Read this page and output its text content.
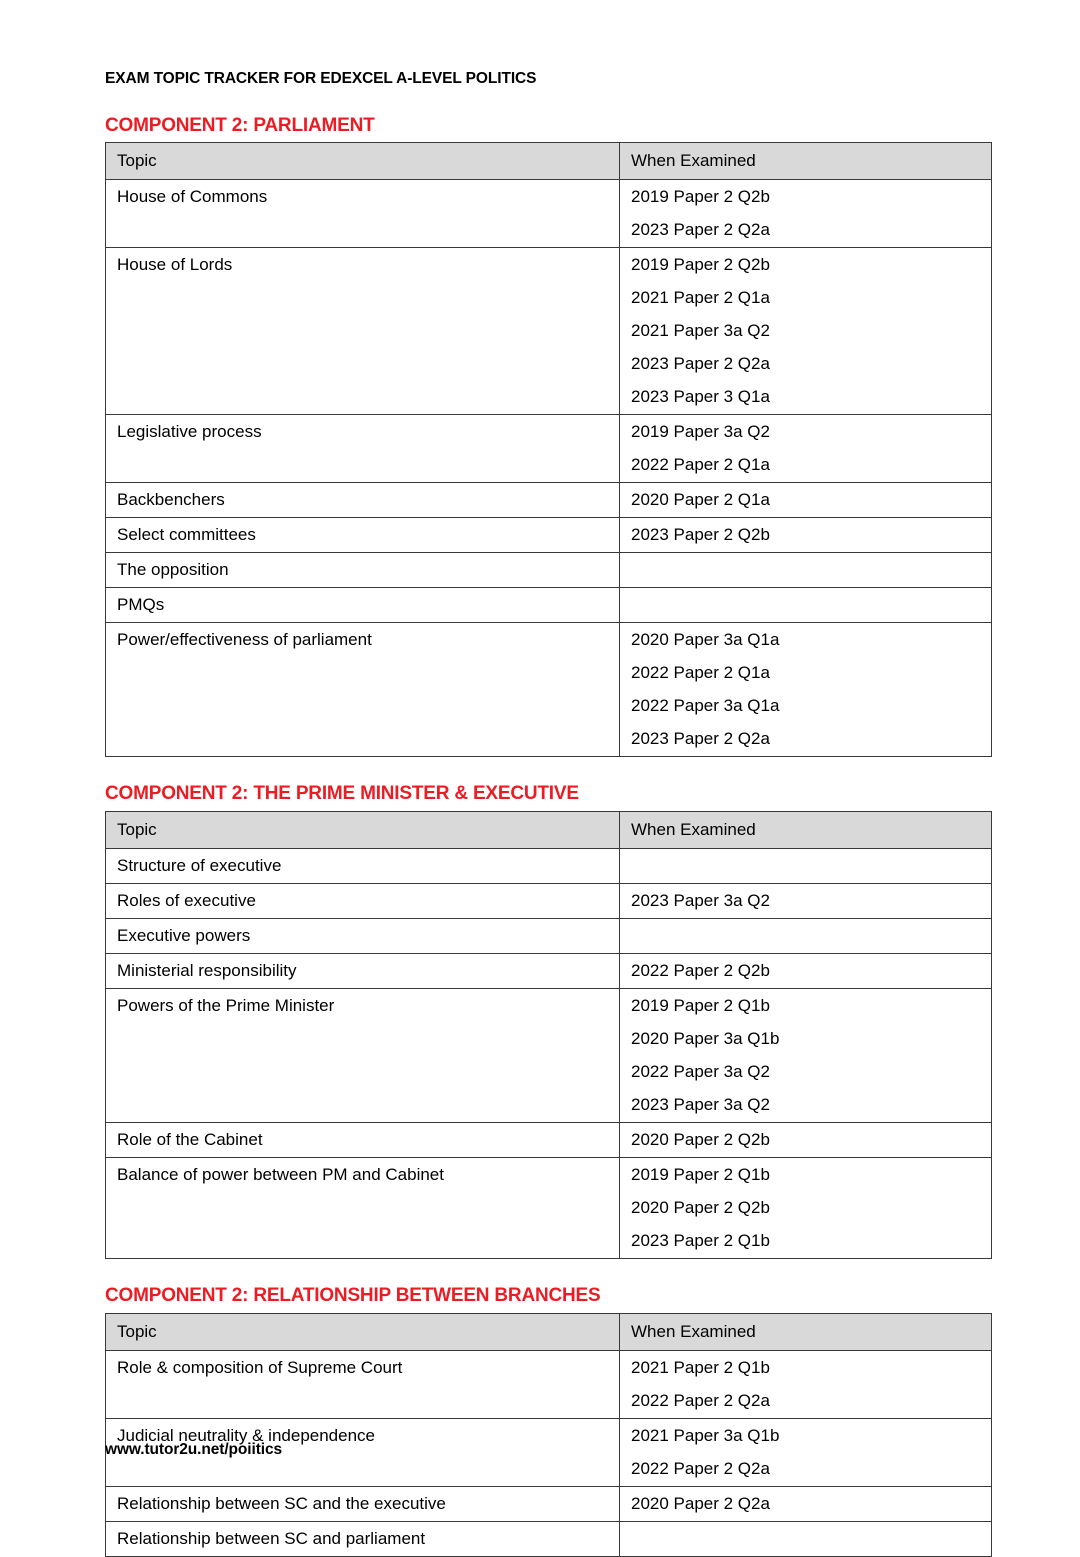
EXAM TOPIC TRACKER FOR EDEXCEL A-LEVEL POLITICS
COMPONENT 2: PARLIAMENT
Topic	When Examined
House of Commons	2019 Paper 2 Q2b
2023 Paper 2 Q2a

House of Lords	2019 Paper 2 Q2b
2021 Paper 2 Q1a
2021 Paper 3a Q2
2023 Paper 2 Q2a
2023 Paper 3 Q1a

Legislative process	2019 Paper 3a Q2
2022 Paper 2 Q1a

Backbenchers	2020 Paper 2 Q1a

Select committees	2023 Paper 2 Q2b

The opposition	
PMQs	
Power/effectiveness of parliament	2020 Paper 3a Q1a
2022 Paper 2 Q1a
2022 Paper 3a Q1a
2023 Paper 2 Q2a
COMPONENT 2: THE PRIME MINISTER & EXECUTIVE
Topic	When Examined
Structure of executive	
Roles of executive	2023 Paper 3a Q2

Executive powers	
Ministerial responsibility	2022 Paper 2 Q2b

Powers of the Prime Minister	2019 Paper 2 Q1b
2020 Paper 3a Q1b
2022 Paper 3a Q2
2023 Paper 3a Q2

Role of the Cabinet	2020 Paper 2 Q2b

Balance of power between PM and Cabinet	2019 Paper 2 Q1b
2020 Paper 2 Q2b
2023 Paper 2 Q1b
COMPONENT 2: RELATIONSHIP BETWEEN BRANCHES
Topic	When Examined
Role & composition of Supreme Court	2021 Paper 2 Q1b
2022 Paper 2 Q2a

Judicial neutrality & independence	2021 Paper 3a Q1b
2022 Paper 2 Q2a

Relationship between SC and the executive	2020 Paper 2 Q2a

Relationship between SC and parliament	
www.tutor2u.net/poiitics
